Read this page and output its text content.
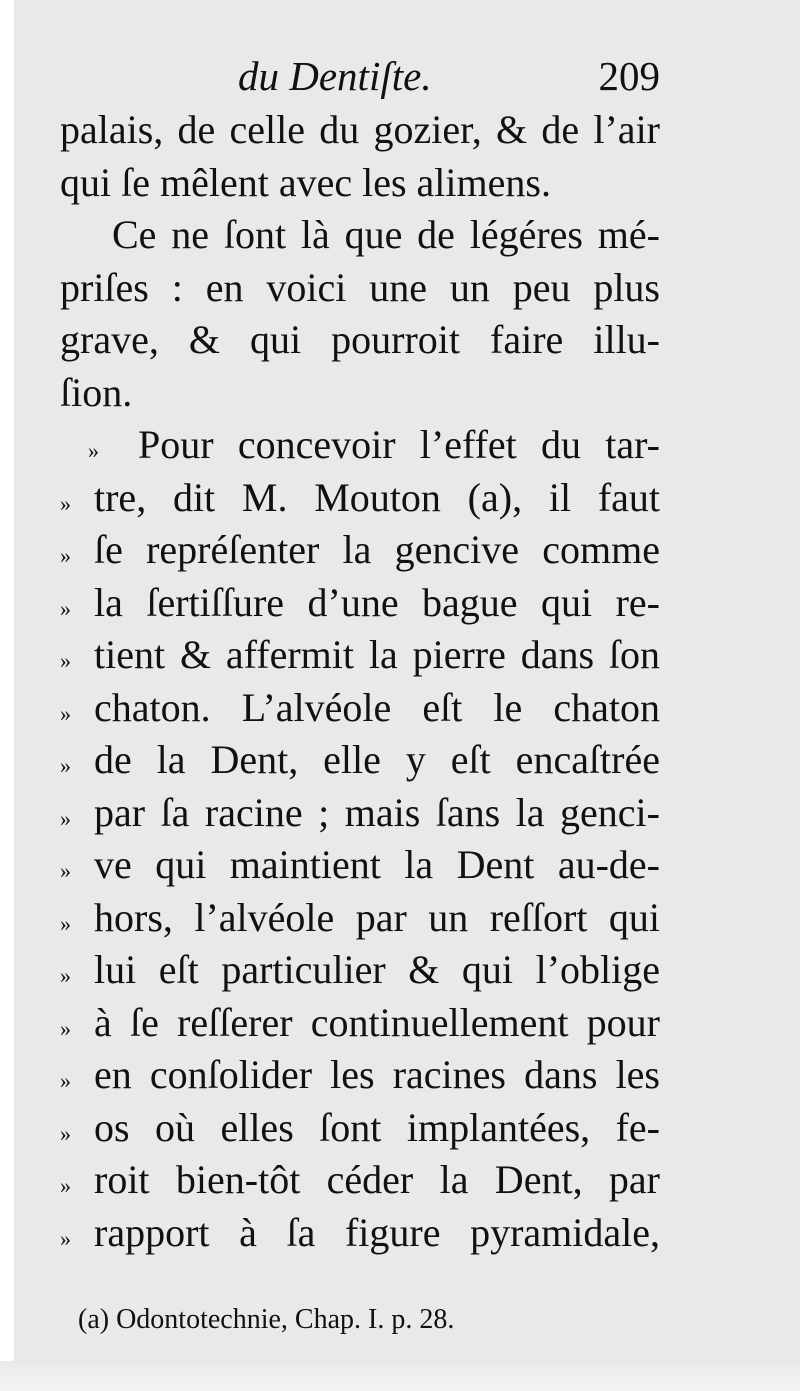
du Dentiſte.	209
palais, de celle du gozier, & de l’air
qui ſe mêlent avec les alimens.
Ce ne ſont là que de légéres mé-
priſes : en voici une un peu plus
grave, & qui pourroit faire illu-
ſion.
» Pour concevoir l’effet du tar-
» tre, dit M. Mouton (a), il faut
» ſe repréſenter la gencive comme
» la ſertiſſure d’une bague qui re-
» tient & affermit la pierre dans ſon
» chaton. L’alvéole eſt le chaton
» de la Dent, elle y eſt encaſtrée
» par ſa racine ; mais ſans la genci-
» ve qui maintient la Dent au-de-
» hors, l’alvéole par un reſſort qui
» lui eſt particulier & qui l’oblige
» à ſe reſſerer continuellement pour
» en conſolider les racines dans les
» os où elles ſont implantées, fe-
» roit bien-tôt céder la Dent, par
» rapport à ſa figure pyramidale,
(a) Odontotechnie, Chap. I. p. 28.
